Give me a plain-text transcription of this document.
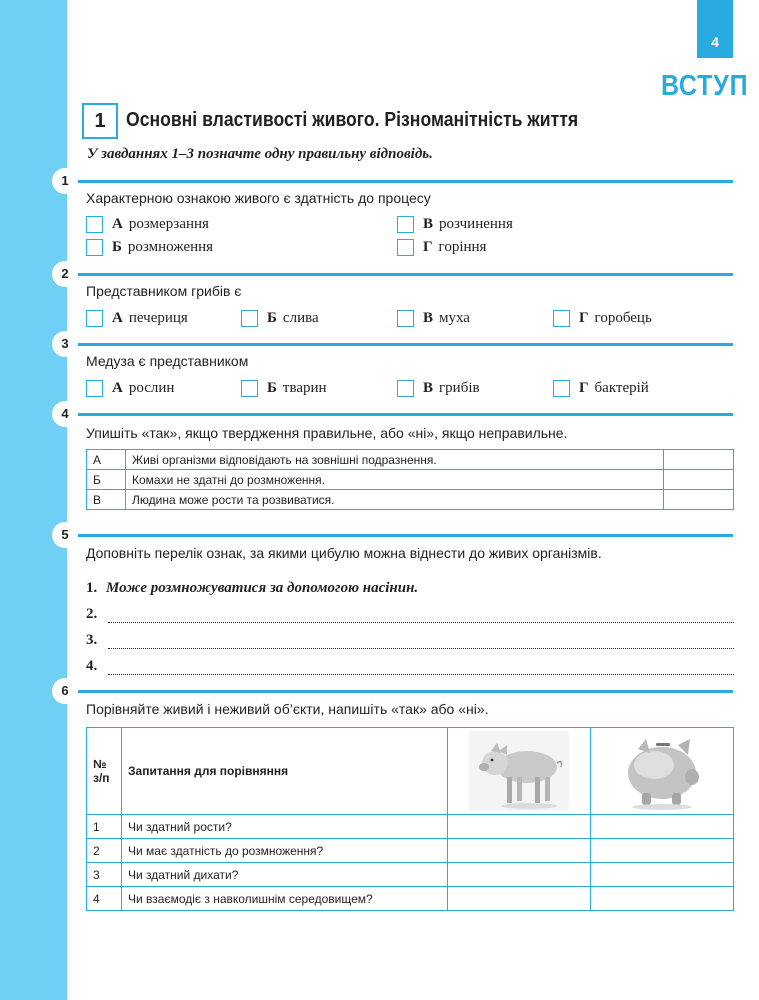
4
ВСТУП
1	Основні властивості живого. Різноманітність життя
У завданнях 1–3 позначте одну правильну відповідь.
1
Характерною ознакою живого є здатність до процесу
А розмерзання
Б розмноження
В розчинення
Г горіння
2
Представником грибів є
А печериця	Б слива	В муха	Г горобець
3
Медуза є представником
А рослин	Б тварин	В грибів	Г бактерій
4
Упишіть «так», якщо твердження правильне, або «ні», якщо неправильне.
А	Живі організми відповідають на зовнішні подразнення.	
Б	Комахи не здатні до розмноження.	
В	Людина може рости та розвиватися.	
5
Доповніть перелік ознак, за якими цибулю можна віднести до живих організмів.
1. Може розмножуватися за допомогою насінин.
2.
3.
4.
6
Порівняйте живий і неживий об’єкти, напишіть «так» або «ні».
№ з/п	Запитання для порівняння	

1	Чи здатний рости?		
2	Чи має здатність до розмноження?		
3	Чи здатний дихати?		
4	Чи взаємодіє з навколишнім середовищем?		
